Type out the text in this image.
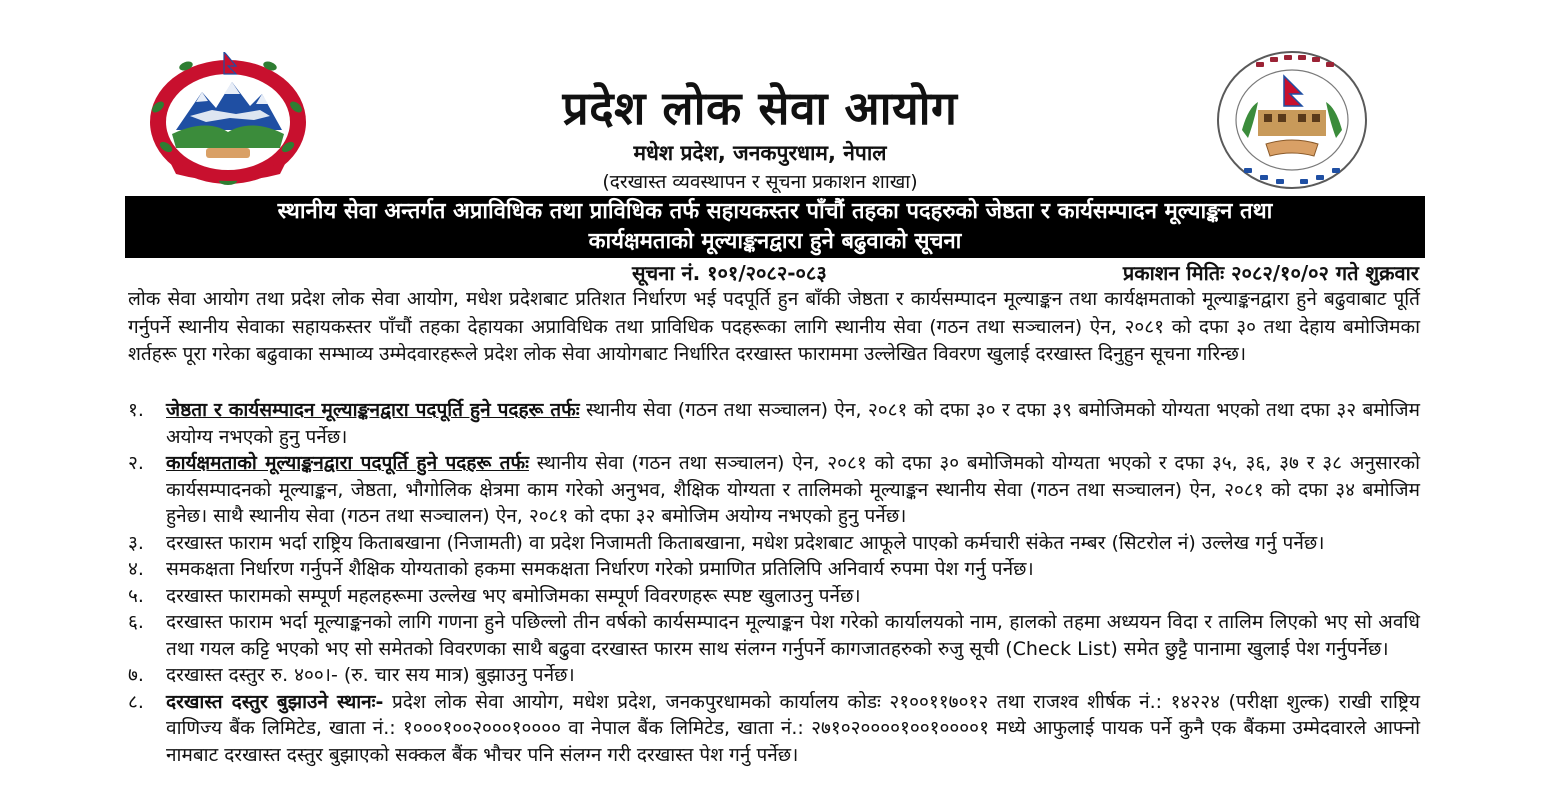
प्रदेश लोक सेवा आयोग
मधेश प्रदेश, जनकपुरधाम, नेपाल
(दरखास्त व्यवस्थापन र सूचना प्रकाशन शाखा)
स्थानीय सेवा अन्तर्गत अप्राविधिक तथा प्राविधिक तर्फ सहायकस्तर पाँचौं तहका पदहरुको जेष्ठता र कार्यसम्पादन मूल्याङ्कन तथा
कार्यक्षमताको मूल्याङ्कनद्वारा हुने बढुवाको सूचना
सूचना नं. १०१/२०८२-०८३	प्रकाशन मितिः २०८२/१०/०२ गते शुक्रवार
लोक सेवा आयोग तथा प्रदेश लोक सेवा आयोग, मधेश प्रदेशबाट प्रतिशत निर्धारण भई पदपूर्ति हुन बाँकी जेष्ठता र कार्यसम्पादन मूल्याङ्कन तथा कार्यक्षमताको मूल्याङ्कनद्वारा हुने बढुवाबाट पूर्ति गर्नुपर्ने स्थानीय सेवाका सहायकस्तर पाँचौं तहका देहायका अप्राविधिक तथा प्राविधिक पदहरूका लागि स्थानीय सेवा (गठन तथा सञ्चालन) ऐन, २०८१ को दफा ३० तथा देहाय बमोजिमका शर्तहरू पूरा गरेका बढुवाका सम्भाव्य उम्मेदवारहरूले प्रदेश लोक सेवा आयोगबाट निर्धारित दरखास्त फाराममा उल्लेखित विवरण खुलाई दरखास्त दिनुहुन सूचना गरिन्छ।
१.	जेष्ठता र कार्यसम्पादन मूल्याङ्कनद्वारा पदपूर्ति हुने पदहरू तर्फः स्थानीय सेवा (गठन तथा सञ्चालन) ऐन, २०८१ को दफा ३० र दफा ३९ बमोजिमको योग्यता भएको तथा दफा ३२ बमोजिम अयोग्य नभएको हुनु पर्नेछ।
२.	कार्यक्षमताको मूल्याङ्कनद्वारा पदपूर्ति हुने पदहरू तर्फः स्थानीय सेवा (गठन तथा सञ्चालन) ऐन, २०८१ को दफा ३० बमोजिमको योग्यता भएको र दफा ३५, ३६, ३७ र ३८ अनुसारको कार्यसम्पादनको मूल्याङ्कन, जेष्ठता, भौगोलिक क्षेत्रमा काम गरेको अनुभव, शैक्षिक योग्यता र तालिमको मूल्याङ्कन स्थानीय सेवा (गठन तथा सञ्चालन) ऐन, २०८१ को दफा ३४ बमोजिम हुनेछ। साथै स्थानीय सेवा (गठन तथा सञ्चालन) ऐन, २०८१ को दफा ३२ बमोजिम अयोग्य नभएको हुनु पर्नेछ।
३.	दरखास्त फाराम भर्दा राष्ट्रिय किताबखाना (निजामती) वा प्रदेश निजामती किताबखाना, मधेश प्रदेशबाट आफूले पाएको कर्मचारी संकेत नम्बर (सिटरोल नं) उल्लेख गर्नु पर्नेछ।
४.	समकक्षता निर्धारण गर्नुपर्ने शैक्षिक योग्यताको हकमा समकक्षता निर्धारण गरेको प्रमाणित प्रतिलिपि अनिवार्य रुपमा पेश गर्नु पर्नेछ।
५.	दरखास्त फारामको सम्पूर्ण महलहरूमा उल्लेख भए बमोजिमका सम्पूर्ण विवरणहरू स्पष्ट खुलाउनु पर्नेछ।
६.	दरखास्त फाराम भर्दा मूल्याङ्कनको लागि गणना हुने पछिल्लो तीन वर्षको कार्यसम्पादन मूल्याङ्कन पेश गरेको कार्यालयको नाम, हालको तहमा अध्ययन विदा र तालिम लिएको भए सो अवधि तथा गयल कट्टि भएको भए सो समेतको विवरणका साथै बढुवा दरखास्त फारम साथ संलग्न गर्नुपर्ने कागजातहरुको रुजु सूची (Check List) समेत छुट्टै पानामा खुलाई पेश गर्नुपर्नेछ।
७.	दरखास्त दस्तुर रु. ४००।- (रु. चार सय मात्र) बुझाउनु पर्नेछ।
८.	दरखास्त दस्तुर बुझाउने स्थानः- प्रदेश लोक सेवा आयोग, मधेश प्रदेश, जनकपुरधामको कार्यालय कोडः २१००११७०१२ तथा राजश्व शीर्षक नं.: १४२२४ (परीक्षा शुल्क) राखी राष्ट्रिय वाणिज्य बैंक लिमिटेड, खाता नं.: १०००१००२०००१०००० वा नेपाल बैंक लिमिटेड, खाता नं.: २७१०२००००१००१००००१ मध्ये आफुलाई पायक पर्ने कुनै एक बैंकमा उम्मेदवारले आफ्नो नामबाट दरखास्त दस्तुर बुझाएको सक्कल बैंक भौचर पनि संलग्न गरी दरखास्त पेश गर्नु पर्नेछ।
